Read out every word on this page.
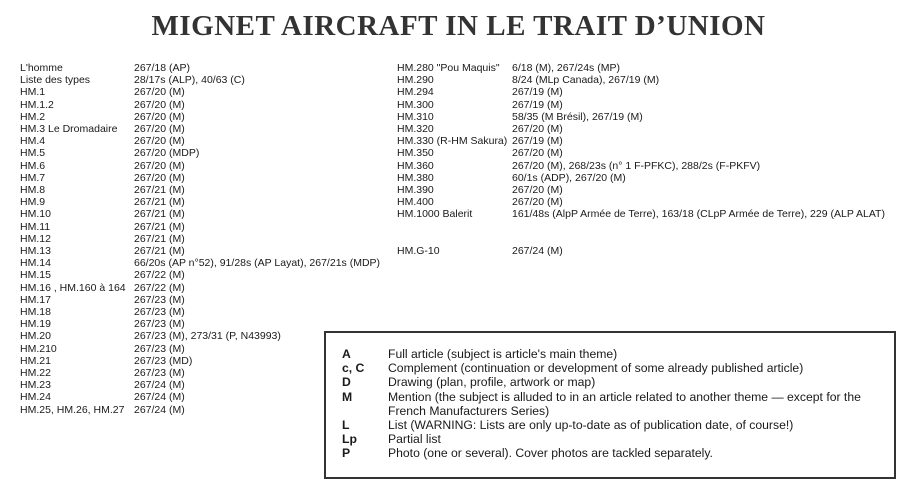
MIGNET AIRCRAFT IN LE TRAIT D’UNION
L'homme	267/18 (AP)
Liste des types	28/17s (ALP), 40/63 (C)
HM.1	267/20 (M)
HM.1.2	267/20 (M)
HM.2	267/20 (M)
HM.3 Le Dromadaire	267/20 (M)
HM.4	267/20 (M)
HM.5	267/20 (MDP)
HM.6	267/20 (M)
HM.7	267/20 (M)
HM.8	267/21 (M)
HM.9	267/21 (M)
HM.10	267/21 (M)
HM.11	267/21 (M)
HM.12	267/21 (M)
HM.13	267/21 (M)
HM.14	66/20s (AP n°52), 91/28s (AP Layat), 267/21s (MDP)
HM.15	267/22 (M)
HM.16 , HM.160 à 164 267/22 (M)
HM.17	267/23 (M)
HM.18	267/23 (M)
HM.19	267/23 (M)
HM.20	267/23 (M), 273/31 (P, N43993)
HM.210	267/23 (M)
HM.21	267/23 (MD)
HM.22	267/23 (M)
HM.23	267/24 (M)
HM.24	267/24 (M)
HM.25, HM.26, HM.27 267/24 (M)
HM.280 "Pou Maquis"	6/18 (M), 267/24s (MP)
HM.290	8/24 (MLp Canada), 267/19 (M)
HM.294	267/19 (M)
HM.300	267/19 (M)
HM.310	58/35 (M Brésil), 267/19 (M)
HM.320	267/20 (M)
HM.330 (R-HM Sakura) 267/19 (M)
HM.350	267/20 (M)
HM.360	267/20 (M), 268/23s (n° 1 F-PFKC), 288/2s (F-PKFV)
HM.380	60/1s (ADP), 267/20 (M)
HM.390	267/20 (M)
HM.400	267/20 (M)
HM.1000 Balerit	161/48s (AlpP Armée de Terre), 163/18 (CLpP Armée de Terre), 229 (ALP ALAT)
HM.G-10	267/24 (M)
A	Full article (subject is article's main theme)
c, C	Complement (continuation or development of some already published article)
D	Drawing (plan, profile, artwork or map)
M	Mention (the subject is alluded to in an article related to another theme — except for the French Manufacturers Series)
L	List (WARNING: Lists are only up-to-date as of publication date, of course!)
Lp	Partial list
P	Photo (one or several). Cover photos are tackled separately.
